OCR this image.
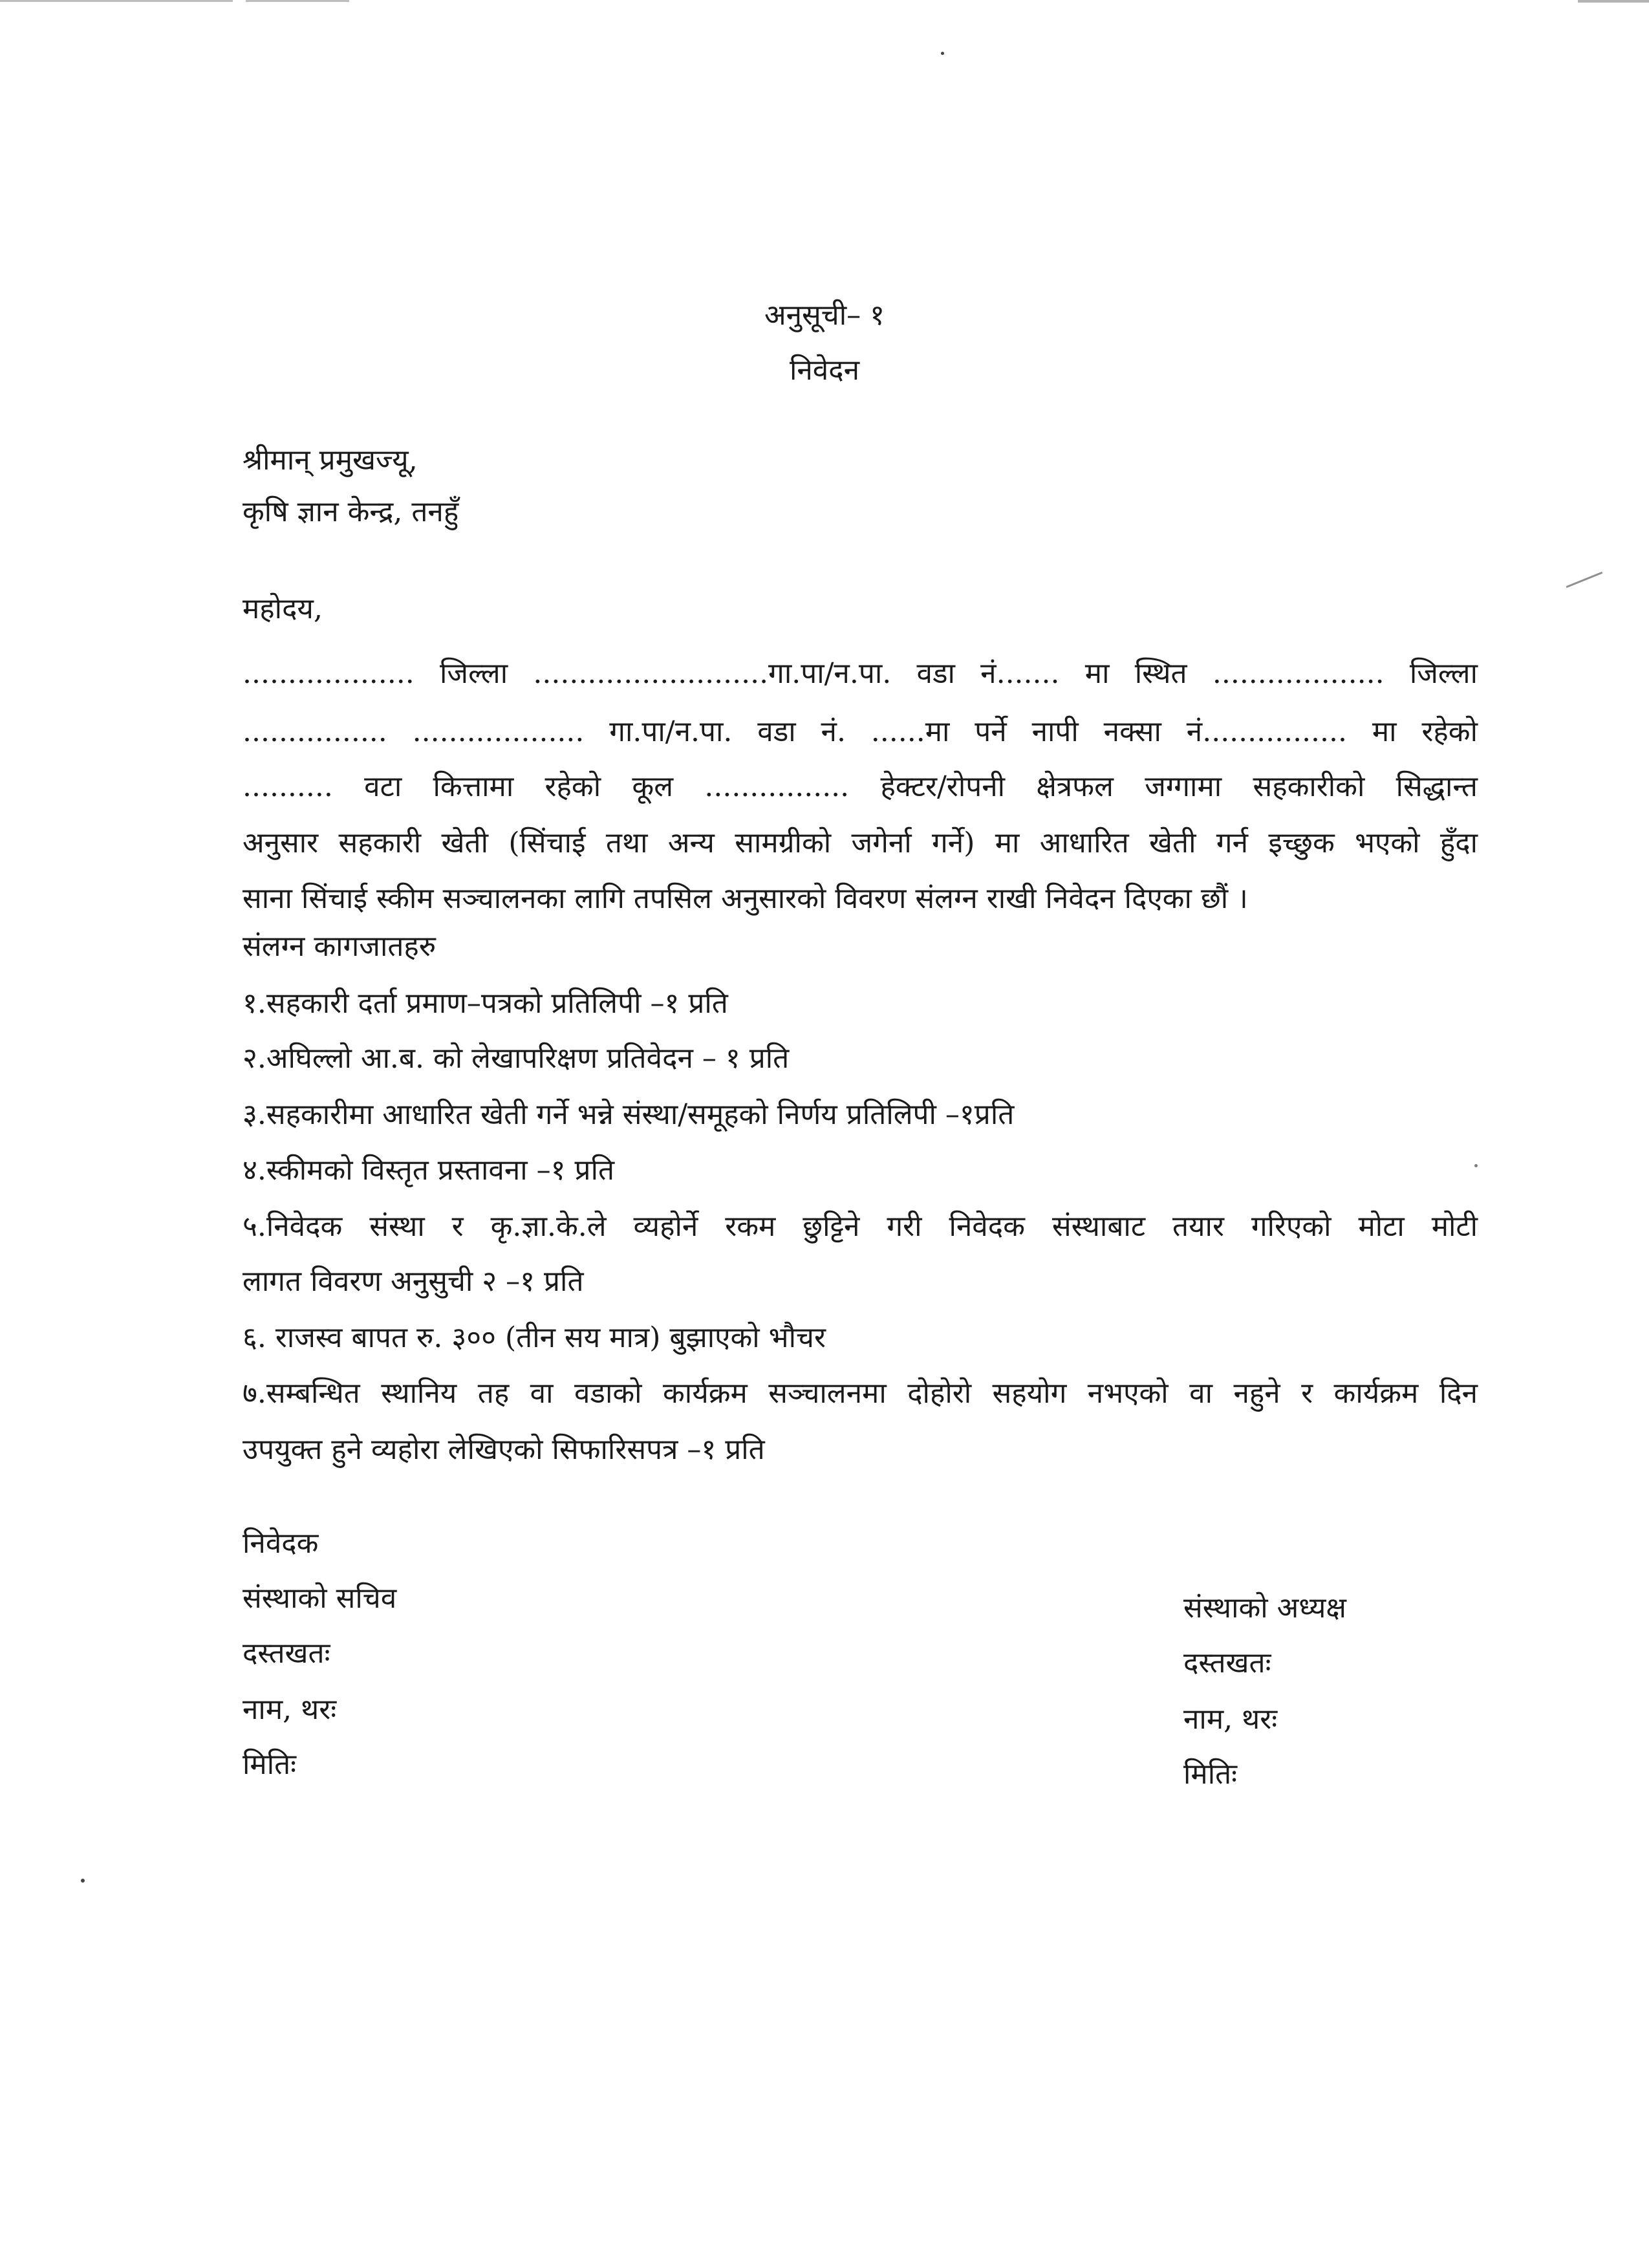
अनुसूची– १
निवेदन
श्रीमान् प्रमुखज्यू,
कृषि ज्ञान केन्द्र, तनहुँ
महोदय,
................... जिल्ला ..........................गा.पा/न.पा. वडा नं....... मा स्थित ................... जिल्ला
................ ................... गा.पा/न.पा. वडा नं. ......मा पर्ने नापी नक्सा नं................ मा रहेको
.......... वटा कित्तामा रहेको कूल ................ हेक्टर/रोपनी क्षेत्रफल जग्गामा सहकारीको सिद्धान्त
अनुसार सहकारी खेती (सिंचाई तथा अन्य सामग्रीको जगेर्ना गर्ने) मा आधारित खेती गर्न इच्छुक भएको हुँदा
साना सिंचाई स्कीम सञ्चालनका लागि तपसिल अनुसारको विवरण संलग्न राखी निवेदन दिएका छौं ।
संलग्न कागजातहरु
१.सहकारी दर्ता प्रमाण–पत्रको प्रतिलिपी –१ प्रति
२.अघिल्लो आ.ब. को लेखापरिक्षण प्रतिवेदन – १ प्रति
३.सहकारीमा आधारित खेती गर्ने भन्ने संस्था/समूहको निर्णय प्रतिलिपी –१प्रति
४.स्कीमको विस्तृत प्रस्तावना –१ प्रति
५.निवेदक संस्था र कृ.ज्ञा.के.ले व्यहोर्ने रकम छुट्टिने गरी निवेदक संस्थाबाट तयार गरिएको मोटा मोटी
लागत विवरण अनुसुची २ –१ प्रति
६. राजस्व बापत रु. ३०० (तीन सय मात्र) बुझाएको भौचर
७.सम्बन्धित स्थानिय तह वा वडाको कार्यक्रम सञ्चालनमा दोहोरो सहयोग नभएको वा नहुने र कार्यक्रम दिन
उपयुक्त हुने व्यहोरा लेखिएको सिफारिसपत्र –१ प्रति
निवेदक
संस्थाको सचिव
दस्तखतः
नाम, थरः
मितिः
संस्थाको अध्यक्ष
दस्तखतः
नाम, थरः
मितिः
